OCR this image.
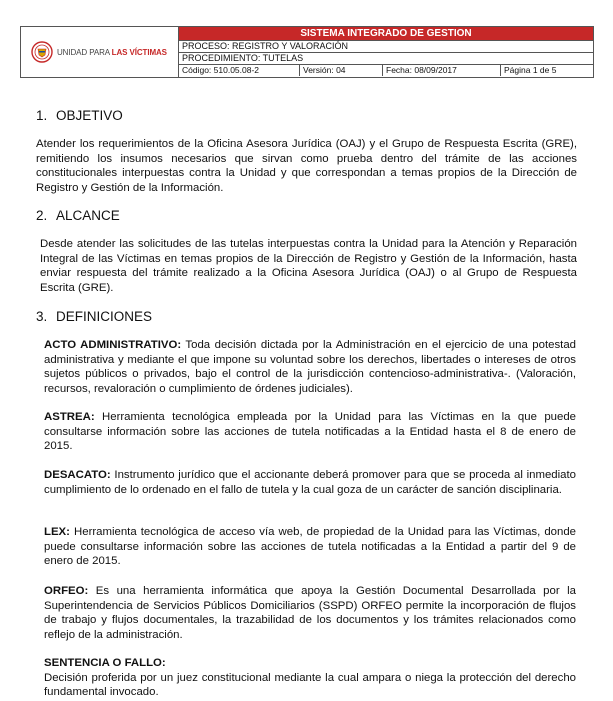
UNIDAD PARA LAS VÍCTIMAS
SISTEMA INTEGRADO DE GESTION
PROCESO: REGISTRO Y VALORACIÓN
PROCEDIMIENTO: TUTELAS
Código: 510.05.08-2	Versión: 04	Fecha: 08/09/2017	Página 1 de 5
1. OBJETIVO

Atender los requerimientos de la Oficina Asesora Jurídica (OAJ) y el Grupo de Respuesta Escrita (GRE), remitiendo los insumos necesarios que sirvan como prueba dentro del trámite de las acciones constitucionales interpuestas contra la Unidad y que correspondan a temas propios de la Dirección de Registro y Gestión de la Información.

2. ALCANCE

Desde atender las solicitudes de las tutelas interpuestas contra la Unidad para la Atención y Reparación Integral de las Víctimas en temas propios de la Dirección de Registro y Gestión de la Información, hasta enviar respuesta del trámite realizado a la Oficina Asesora Jurídica (OAJ) o al Grupo de Respuesta Escrita (GRE).

3. DEFINICIONES

ACTO ADMINISTRATIVO: Toda decisión dictada por la Administración en el ejercicio de una potestad administrativa y mediante el que impone su voluntad sobre los derechos, libertades o intereses de otros sujetos públicos o privados, bajo el control de la jurisdicción contencioso-administrativa-. (Valoración, recursos, revaloración o cumplimiento de órdenes judiciales).

ASTREA: Herramienta tecnológica empleada por la Unidad para las Víctimas en la que puede consultarse información sobre las acciones de tutela notificadas a la Entidad hasta el 8 de enero de 2015.

DESACATO: Instrumento jurídico que el accionante deberá promover para que se proceda al inmediato cumplimiento de lo ordenado en el fallo de tutela y la cual goza de un carácter de sanción disciplinaria.

LEX: Herramienta tecnológica de acceso vía web, de propiedad de la Unidad para las Víctimas, donde puede consultarse información sobre las acciones de tutela notificadas a la Entidad a partir del 9 de enero de 2015.

ORFEO: Es una herramienta informática que apoya la Gestión Documental Desarrollada por la Superintendencia de Servicios Públicos Domiciliarios (SSPD) ORFEO permite la incorporación de flujos de trabajo y flujos documentales, la trazabilidad de los documentos y los trámites relacionados como reflejo de la administración.

SENTENCIA O FALLO:
Decisión proferida por un juez constitucional mediante la cual ampara o niega la protección del derecho fundamental invocado.
